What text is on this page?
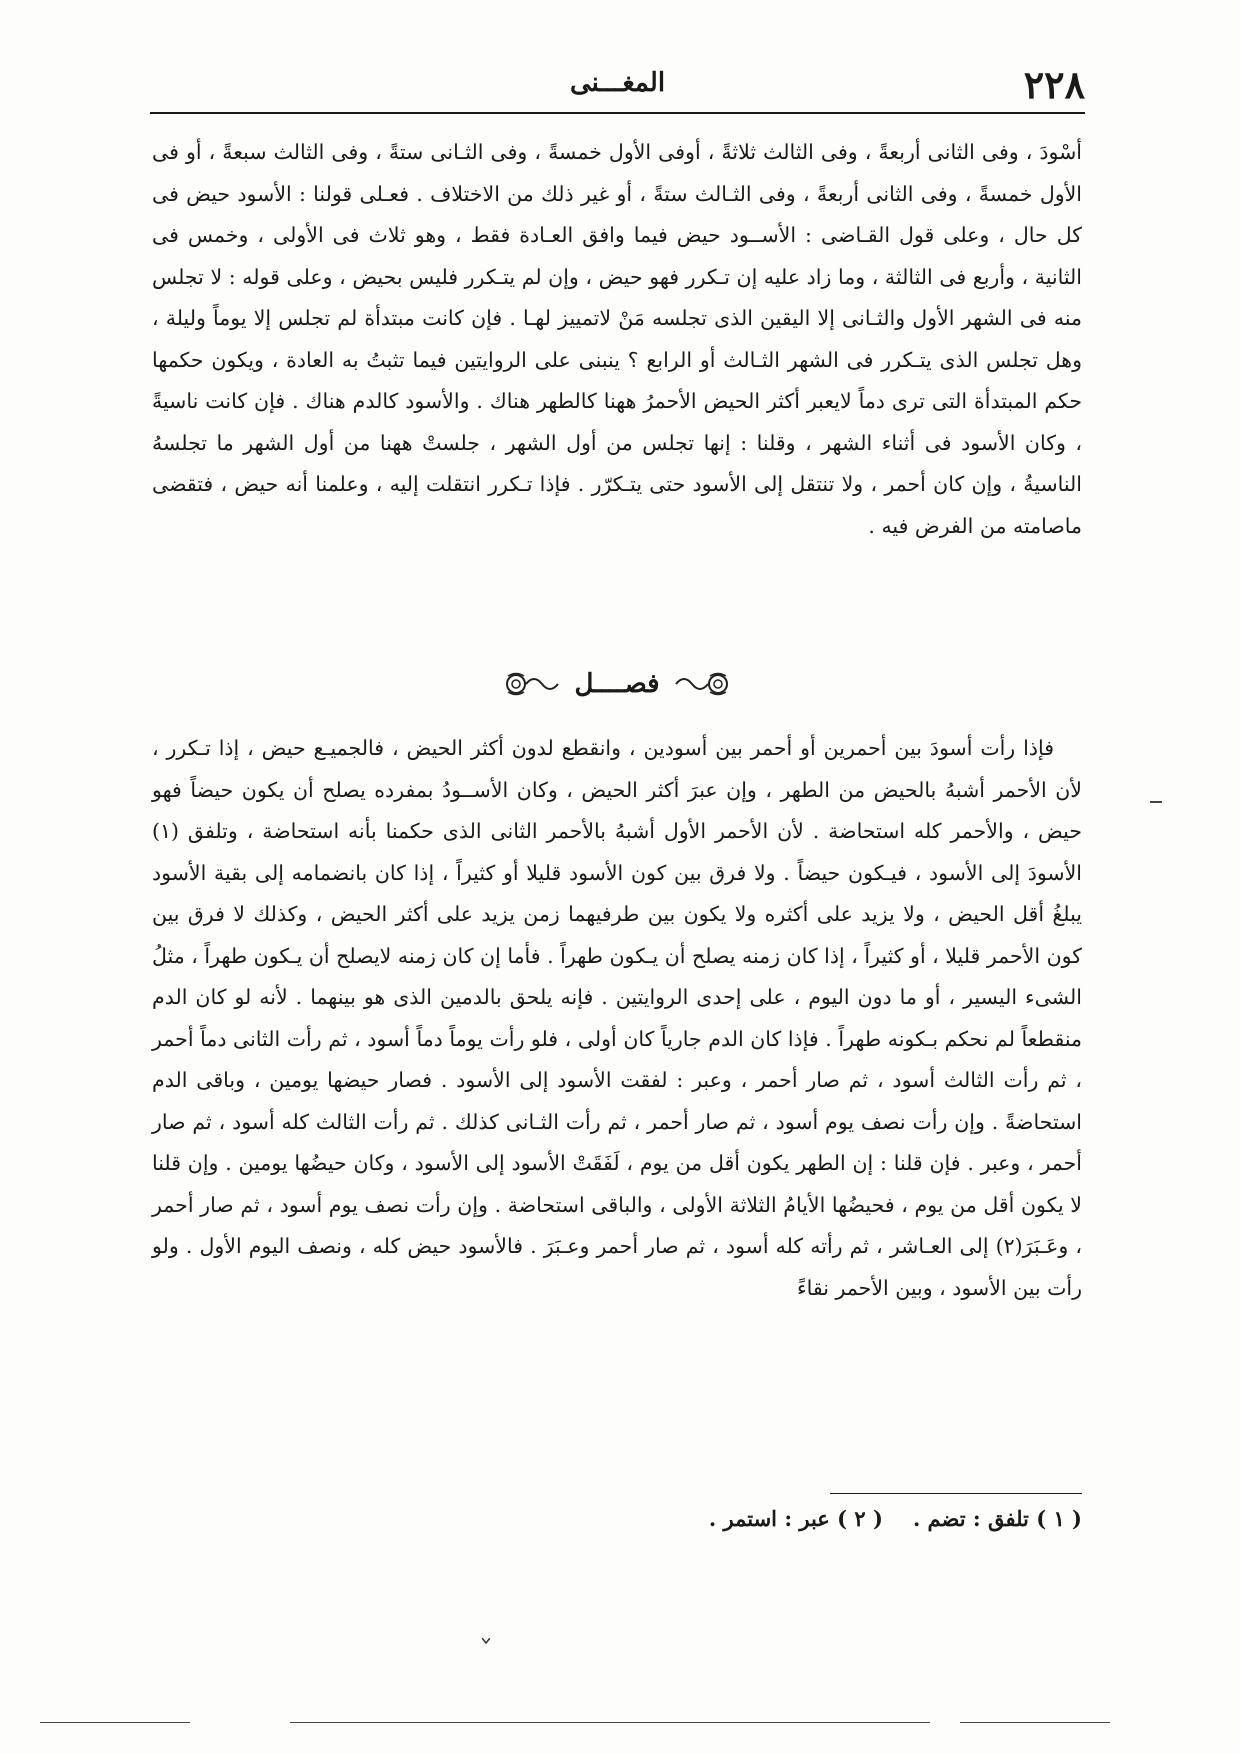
٢٢٨
المغـــنى

أسْودَ ، وفى الثانى أربعةً ، وفى الثالث ثلاثةً ، أوفى الأول خمسةً ، وفى الثـانى ستةً ، وفى الثالث سبعةً ، أو فى الأول خمسةً ، وفى الثانى أربعةً ، وفى الثـالث ستةً ، أو غير ذلك من الاختلاف . فعـلى قولنا : الأسود حيض فى كل حال ، وعلى قول القـاضى : الأســود حيض فيما وافق العـادة فقط ، وهو ثلاث فى الأولى ، وخمس فى الثانية ، وأربع فى الثالثة ، وما زاد عليه إن تـكرر فهو حيض ، وإن لم يتـكرر فليس بحيض ، وعلى قوله : لا تجلس منه فى الشهر الأول والثـانى إلا اليقين الذى تجلسه مَنْ لاتمييز لهـا . فإن كانت مبتدأة لم تجلس إلا يوماً وليلة ، وهل تجلس الذى يتـكرر فى الشهر الثـالث أو الرابع ؟ ينبنى على الروايتين فيما تثبتُ به العادة ، ويكون حكمها حكم المبتدأة التى ترى دماً لايعبر أكثر الحيض الأحمرُ ههنا كالطهر هناك . والأسود كالدم هناك . فإن كانت ناسيةً ، وكان الأسود فى أثناء الشهر ، وقلنا : إنها تجلس من أول الشهر ، جلستْ ههنا من أول الشهر ما تجلسهُ الناسيةُ ، وإن كان أحمر ، ولا تنتقل إلى الأسود حتى يتـكرّر . فإذا تـكرر انتقلت إليه ، وعلمنا أنه حيض ، فتقضى ماصامته من الفرض فيه .

فصــــل

فإذا رأت أسودَ بين أحمرين أو أحمر بين أسودين ، وانقطع لدون أكثر الحيض ، فالجميـع حيض ، إذا تـكرر ، لأن الأحمر أشبهُ بالحيض من الطهر ، وإن عبرَ أكثر الحيض ، وكان الأســودُ بمفرده يصلح أن يكون حيضاً فهو حيض ، والأحمر كله استحاضة . لأن الأحمر الأول أشبهُ بالأحمر الثانى الذى حكمنا بأنه استحاضة ، وتلفق (١) الأسودَ إلى الأسود ، فيـكون حيضاً . ولا فرق بين كون الأسود قليلا أو كثيراً ، إذا كان بانضمامه إلى بقية الأسود يبلغُ أقل الحيض ، ولا يزيد على أكثره ولا يكون بين طرفيهما زمن يزيد على أكثر الحيض ، وكذلك لا فرق بين كون الأحمر قليلا ، أو كثيراً ، إذا كان زمنه يصلح أن يـكون طهراً . فأما إن كان زمنه لايصلح أن يـكون طهراً ، مثلُ الشىء اليسير ، أو ما دون اليوم ، على إحدى الروايتين . فإنه يلحق بالدمين الذى هو بينهما . لأنه لو كان الدم منقطعاً لم نحكم بـكونه طهراً . فإذا كان الدم جارياً كان أولى ، فلو رأت يوماً دماً أسود ، ثم رأت الثانى دماً أحمر ، ثم رأت الثالث أسود ، ثم صار أحمر ، وعبر : لفقت الأسود إلى الأسود . فصار حيضها يومين ، وباقى الدم استحاضةً . وإن رأت نصف يوم أسود ، ثم صار أحمر ، ثم رأت الثـانى كذلك . ثم رأت الثالث كله أسود ، ثم صار أحمر ، وعبر . فإن قلنا : إن الطهر يكون أقل من يوم ، لَفَقَتْ الأسود إلى الأسود ، وكان حيضُها يومين . وإن قلنا لا يكون أقل من يوم ، فحيضُها الأيامُ الثلاثة الأولى ، والباقى استحاضة . وإن رأت نصف يوم أسود ، ثم صار أحمر ، وعَـبَرَ(٢) إلى العـاشر ، ثم رأته كله أسود ، ثم صار أحمر وعـبَرَ . فالأسود حيض كله ، ونصف اليوم الأول . ولو رأت بين الأسود ، وبين الأحمر نقاءً

( ١ ) تلفق : تضم .
( ٢ ) عبر : استمر .
